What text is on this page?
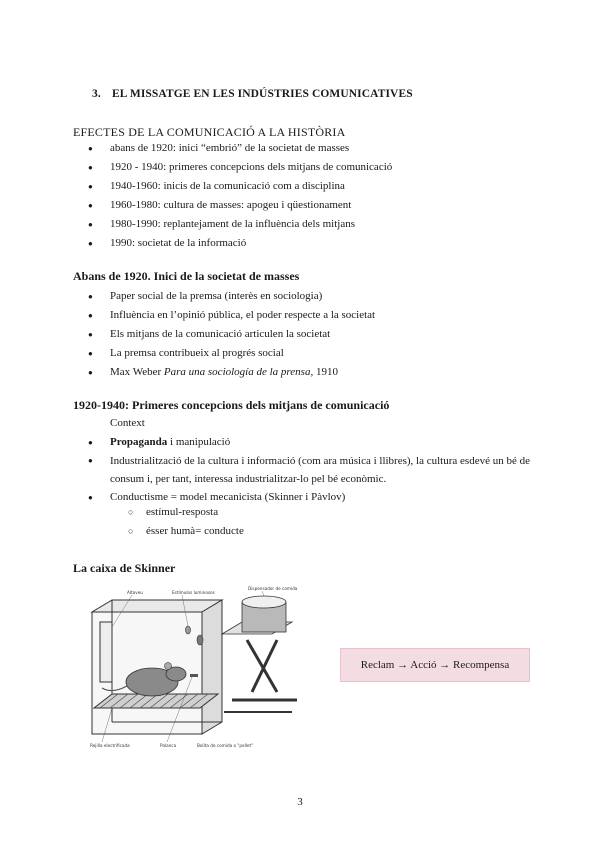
3. EL MISSATGE EN LES INDÚSTRIES COMUNICATIVES
EFECTES DE LA COMUNICACIÓ A LA HISTÒRIA
● abans de 1920: inici “embrió” de la societat de masses
● 1920 - 1940: primeres concepcions dels mitjans de comunicació
● 1940-1960: inicis de la comunicació com a disciplina
● 1960-1980: cultura de masses: apogeu i qüestionament
● 1980-1990: replantejament de la influència dels mitjans
● 1990: societat de la informació
Abans de 1920. Inici de la societat de masses
● Paper social de la premsa (interès en sociologia)
● Influència en l’opinió pública, el poder respecte a la societat
● Els mitjans de la comunicació articulen la societat
● La premsa contribueix al progrés social
● Max Weber Para una sociología de la prensa, 1910
1920-1940: Primeres concepcions dels mitjans de comunicació
Context
● Propaganda i manipulació
● Industrialització de la cultura i informació (com ara música i llibres), la cultura esdevé un bé de consum i, per tant, interessa industrialitzar-lo pel bé econòmic.
● Conductisme = model mecanicista (Skinner i Pàvlov)
○ estímul-resposta
○ ésser humà= conducte
La caixa de Skinner
Altaveu	Estímulos luminosos
Dispensador de comida
Rejilla electrificada	Palanca	Bolita de comida o "pellet"
Reclam → Acció → Recompensa
3
